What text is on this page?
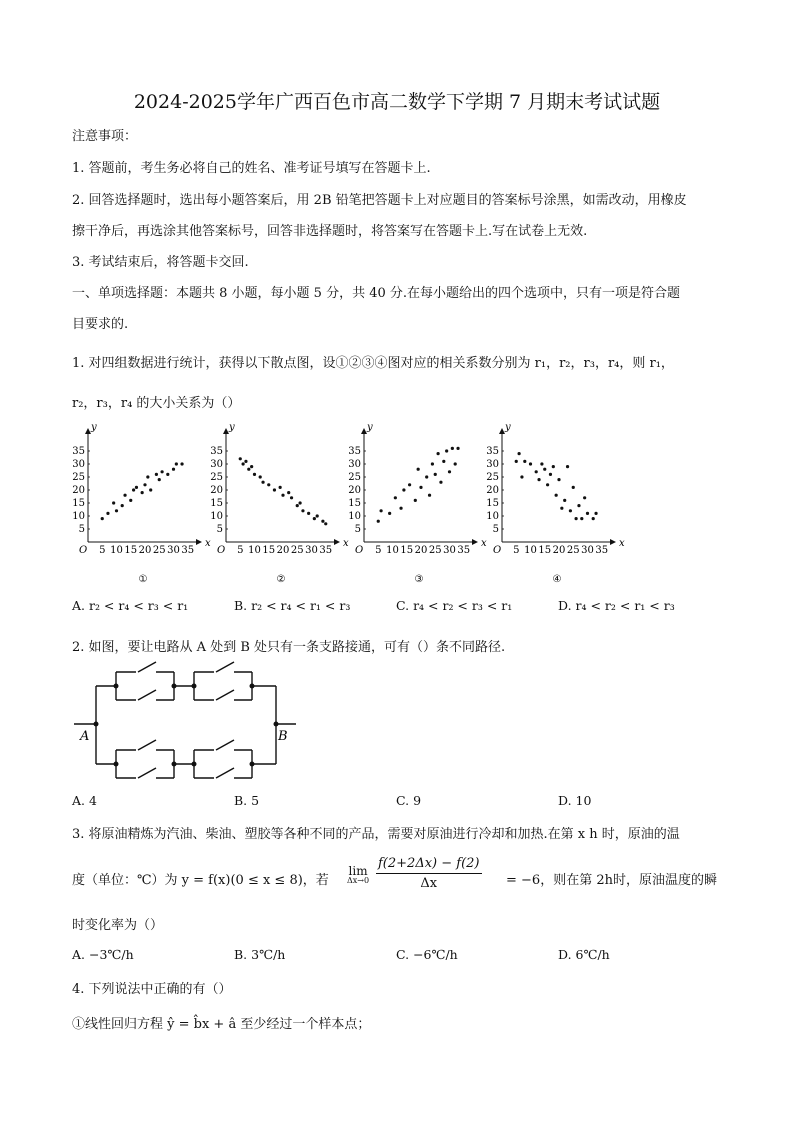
2024-2025学年广西百色市高二数学下学期 7 月期末考试试题
注意事项：
1. 答题前，考生务必将自己的姓名、准考证号填写在答题卡上.
2. 回答选择题时，选出每小题答案后，用 2B 铅笔把答题卡上对应题目的答案标号涂黑，如需改动，用橡皮
擦干净后，再选涂其他答案标号，回答非选择题时，将答案写在答题卡上.写在试卷上无效.
3. 考试结束后，将答题卡交回.
一、单项选择题：本题共 8 小题，每小题 5 分，共 40 分.在每小题给出的四个选项中，只有一项是符合题
目要求的.
1. 对四组数据进行统计，获得以下散点图，设①②③④图对应的相关系数分别为 r₁，r₂，r₃，r₄，则 r₁，
r₂，r₃，r₄ 的大小关系为（）
y
x
O
5
10
15
20
25
30
35
5 10 15 20 25 30 35
①
y
x
O
5
10
15
20
25
30
35
5 10 15 20 25 30 35
②
y
x
O
5
10
15
20
25
30
35
5 10 15 20 25 30 35
③
y
x
O
5
10
15
20
25
30
35
5 10 15 20 25 30 35
④
A. r₂ < r₄ < r₃ < r₁	B. r₂ < r₄ < r₁ < r₃	C. r₄ < r₂ < r₃ < r₁	D. r₄ < r₂ < r₁ < r₃
2. 如图，要让电路从 A 处到 B 处只有一条支路接通，可有（）条不同路径.
A	B
A. 4	B. 5	C. 9	D. 10
3. 将原油精炼为汽油、柴油、塑胶等各种不同的产品，需要对原油进行冷却和加热.在第 x h 时，原油的温
度（单位：℃）为 y = f(x)(0 ≤ x ≤ 8)，若
lim
Δx→0
f(2+2Δx) − f(2)
Δx	= −6，则在第 2h时，原油温度的瞬
时变化率为（）
A. −3℃/h	B. 3℃/h	C. −6℃/h	D. 6℃/h
4. 下列说法中正确的有（）
①线性回归方程 ŷ = b̂x + â 至少经过一个样本点；
